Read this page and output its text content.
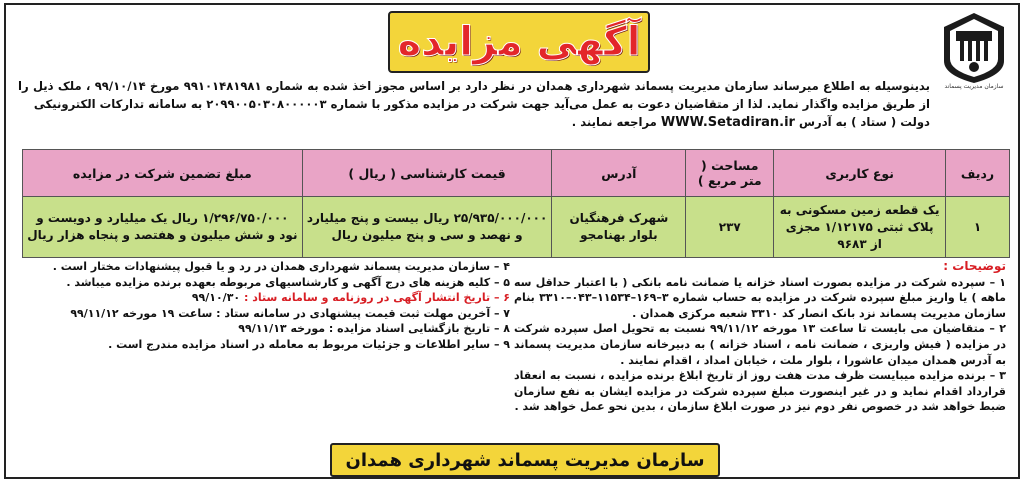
سازمان مدیریت پسماند
آگهی مزایده

بدینوسیله به اطلاع میرساند سازمان مدیریت پسماند شهرداری همدان در نظر دارد بر اساس مجوز اخذ شده به شماره ۹۹۱۰۱۴۸۱۹۸۱ مورخ ۹۹/۱۰/۱۴ ، ملک ذیل را از طریق مزایده واگذار نماید. لذا از متقاضیان دعوت به عمل می‌آید جهت شرکت در مزایده مذکور با شماره ۲۰۹۹۰۰۵۰۳۰۸۰۰۰۰۰۳ به سامانه تدارکات الکترونیکی

دولت ( ستاد ) به آدرس WWW.Setadiran.ir مراجعه نمایند .

ردیف	نوع کاربری	مساحت ( متر مربع )	آدرس	قیمت کارشناسی ( ریال )	مبلغ تضمین شرکت در مزایده
۱	یک قطعه زمین مسکونی به پلاک ثبتی ۱/۱۲۱۷۵ مجزی از ۹۶۸۳	۲۳۷	شهرک فرهنگیان بلوار بهنامجو	۲۵/۹۳۵/۰۰۰/۰۰۰ ریال بیست و پنج میلیارد و نهصد و سی و پنج میلیون ریال	۱/۲۹۶/۷۵۰/۰۰۰ ریال یک میلیارد و دویست و نود و شش میلیون و هفتصد و پنجاه هزار ریال

توضیحات :

۱ – سپرده شرکت در مزایده بصورت اسناد خزانه یا ضمانت نامه بانکی ( با اعتبار حداقل سه ماهه ) یا واریز مبلغ سپرده شرکت در مزایده به حساب شماره ۳–۱۶۹–۱۱۵۳۴–۰۴۳–۳۳۱۰ بنام سازمان مدیریت پسماند نزد بانک انصار کد ۳۳۱۰ شعبه مرکزی همدان .

۲ – متقاضیان می بایست تا ساعت ۱۳ مورخه ۹۹/۱۱/۱۲ نسبت به تحویل اصل سپرده شرکت در مزایده ( فیش واریزی ، ضمانت نامه ، اسناد خزانه ) به دبیرخانه سازمان مدیریت پسماند به آدرس همدان میدان عاشورا ، بلوار ملت ، خیابان امداد ، اقدام نمایند .

۳ – برنده مزایده میبایست ظرف مدت هفت روز از تاریخ ابلاغ برنده مزایده ، نسبت به انعقاد قرارداد اقدام نماید و در غیر اینصورت مبلغ سپرده شرکت در مزایده ایشان به نفع سازمان ضبط خواهد شد در خصوص نفر دوم نیز در صورت ابلاغ سازمان ، بدین نحو عمل خواهد شد .

۴ – سازمان مدیریت پسماند شهرداری همدان در رد و یا قبول پیشنهادات مختار است .

۵ – کلیه هزینه های درج آگهی و کارشناسیهای مربوطه بعهده برنده مزایده میباشد .

۶ – تاریخ انتشار آگهی در روزنامه و سامانه ستاد : ۹۹/۱۰/۳۰

۷ – آخرین مهلت ثبت قیمت پیشنهادی در سامانه ستاد : ساعت ۱۹ مورخه ۹۹/۱۱/۱۲

۸ – تاریخ بازگشایی اسناد مزایده : مورخه ۹۹/۱۱/۱۳

۹ – سایر اطلاعات و جزئیات مربوط به معامله در اسناد مزایده مندرج است .

سازمان مدیریت پسماند شهرداری همدان
